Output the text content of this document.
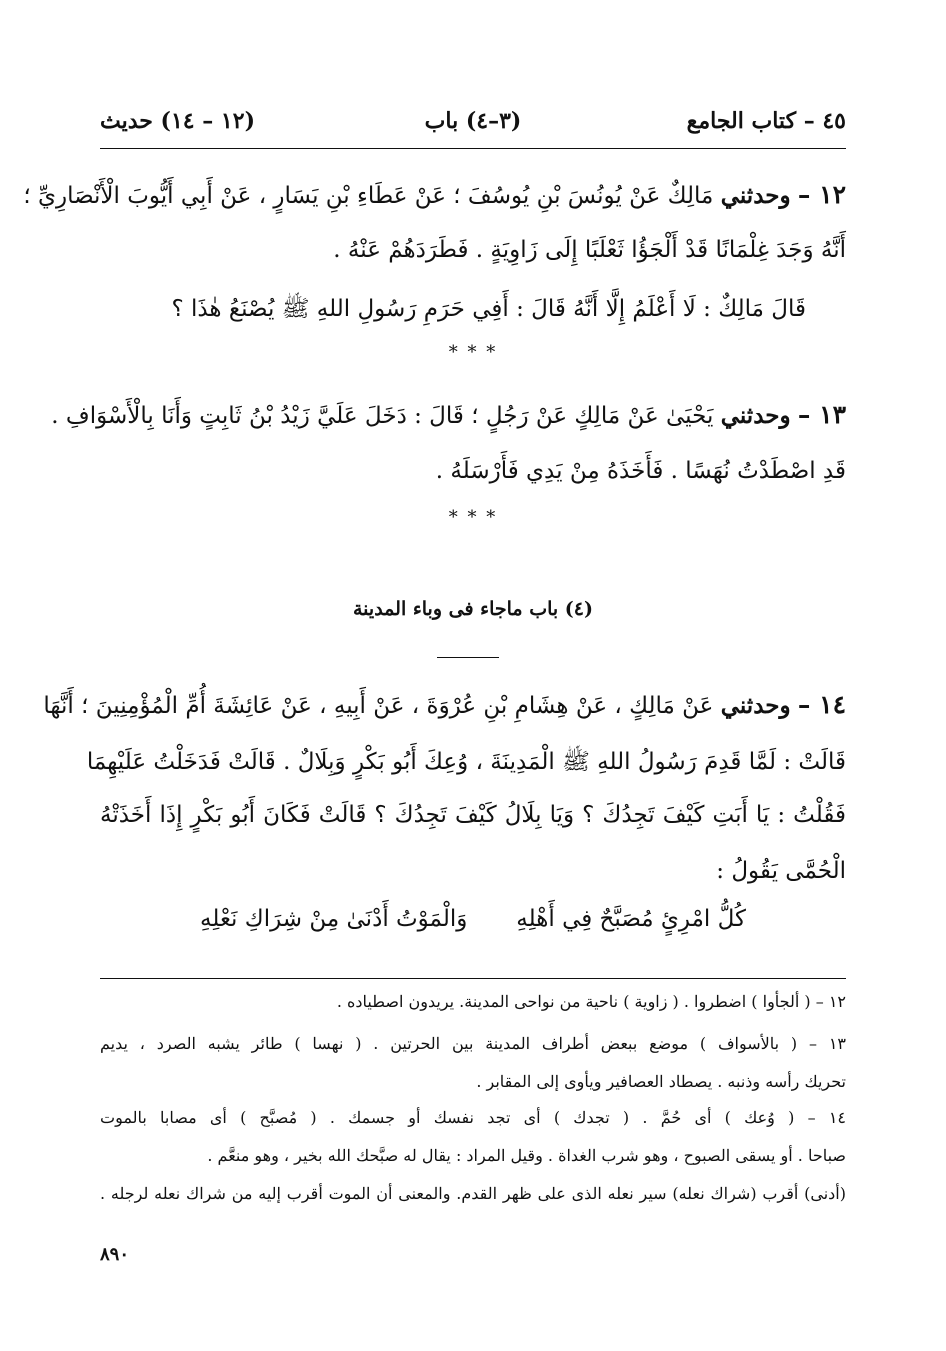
٤٥ – كتاب الجامع
(٣–٤) باب
(١٢ – ١٤) حديث
١٢ – وحدثني مَالِكٌ عَنْ يُونُسَ بْنِ يُوسُفَ ؛ عَنْ عَطَاءِ بْنِ يَسَارٍ ، عَنْ أَبِي أَيُّوبَ الْأَنْصَارِيِّ ؛
أَنَّهُ وَجَدَ غِلْمَانًا قَدْ أَلْجَؤُا ثَعْلَبًا إِلَى زَاوِيَةٍ . فَطَرَدَهُمْ عَنْهُ .
قَالَ مَالِكٌ : لَا أَعْلَمُ إِلَّا أَنَّهُ قَالَ : أَفِي حَرَمِ رَسُولِ اللهِ ﷺ يُصْنَعُ هٰذَا ؟
* * *
١٣ – وحدثني يَحْيَىٰ عَنْ مَالِكٍ عَنْ رَجُلٍ ؛ قَالَ : دَخَلَ عَلَيَّ زَيْدُ بْنُ ثَابِتٍ وَأَنَا بِالْأَسْوَافِ .
قَدِ اصْطَدْتُ نُهَسًا . فَأَخَذَهُ مِنْ يَدِي فَأَرْسَلَهُ .
* * *
(٤) باب ماجاء فى وباء المدينة
١٤ – وحدثني عَنْ مَالِكٍ ، عَنْ هِشَامِ بْنِ عُرْوَةَ ، عَنْ أَبِيهِ ، عَنْ عَائِشَةَ أُمِّ الْمُؤْمِنِينَ ؛ أَنَّهَا
قَالَتْ : لَمَّا قَدِمَ رَسُولُ اللهِ ﷺ الْمَدِينَةَ ، وُعِكَ أَبُو بَكْرٍ وَبِلَالٌ . قَالَتْ فَدَخَلْتُ عَلَيْهِمَا
فَقُلْتُ : يَا أَبَتِ كَيْفَ تَجِدُكَ ؟ وَيَا بِلَالُ كَيْفَ تَجِدُكَ ؟ قَالَتْ فَكَانَ أَبُو بَكْرٍ إِذَا أَخَذَتْهُ
الْحُمَّى يَقُولُ :
كُلُّ امْرِئٍ مُصَبَّحٌ فِي أَهْلِهِ
وَالْمَوْتُ أَدْنَىٰ مِنْ شِرَاكِ نَعْلِهِ
١٢ – ( ألجأوا ) اضطروا . ( زاوية ) ناحية من نواحى المدينة. يريدون اصطياده .
١٣ – ( بالأسواف ) موضع ببعض أطراف المدينة بين الحرتين . ( نهسا ) طائر يشبه الصرد ، يديم
تحريك رأسه وذنبه . يصطاد العصافير ويأوى إلى المقابر .
١٤ – ( وُعك ) أى حُمَّ . ( تجدك ) أى تجد نفسك أو جسمك . ( مُصبَّح ) أى مصابا بالموت
صباحا . أو يسقى الصبوح ، وهو شرب الغداة . وقيل المراد : يقال له صبَّحك الله بخير ، وهو منعَّم .
(أدنى) أقرب (شراك نعله) سير نعله الذى على ظهر القدم. والمعنى أن الموت أقرب إليه من شراك نعله لرجله .
٨٩٠
